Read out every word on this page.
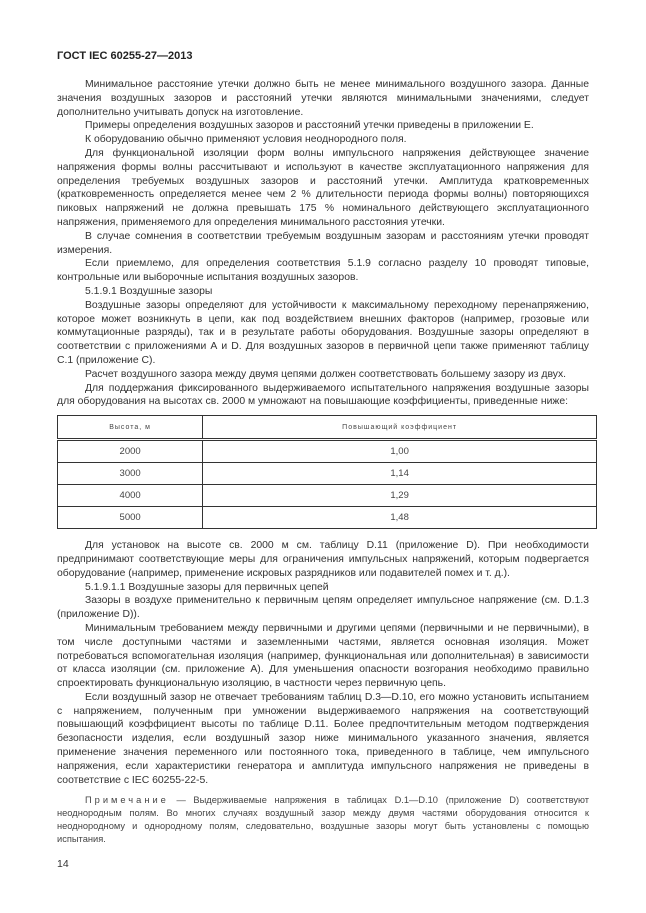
ГОСТ IEC 60255-27—2013

Минимальное расстояние утечки должно быть не менее минимального воздушного зазора. Данные значения воздушных зазоров и расстояний утечки являются минимальными значениями, следует дополнительно учитывать допуск на изготовление.

Примеры определения воздушных зазоров и расстояний утечки приведены в приложении Е.

К оборудованию обычно применяют условия неоднородного поля.

Для функциональной изоляции форм волны импульсного напряжения действующее значение напряжения формы волны рассчитывают и используют в качестве эксплуатационного напряжения для определения требуемых воздушных зазоров и расстояний утечки. Амплитуда кратковременных (кратковременность определяется менее чем 2 % длительности периода формы волны) повторяющихся пиковых напряжений не должна превышать 175 % номинального действующего эксплуатационного напряжения, применяемого для определения минимального расстояния утечки.

В случае сомнения в соответствии требуемым воздушным зазорам и расстояниям утечки проводят измерения.

Если приемлемо, для определения соответствия 5.1.9 согласно разделу 10 проводят типовые, контрольные или выборочные испытания воздушных зазоров.

5.1.9.1 Воздушные зазоры

Воздушные зазоры определяют для устойчивости к максимальному переходному перенапряжению, которое может возникнуть в цепи, как под воздействием внешних факторов (например, грозовые или коммутационные разряды), так и в результате работы оборудования. Воздушные зазоры определяют в соответствии с приложениями А и D. Для воздушных зазоров в первичной цепи также применяют таблицу С.1 (приложение С).

Расчет воздушного зазора между двумя цепями должен соответствовать большему зазору из двух.

Для поддержания фиксированного выдерживаемого испытательного напряжения воздушные зазоры для оборудования на высотах св. 2000 м умножают на повышающие коэффициенты, приведенные ниже:

Высота, м	Повышающий коэффициент
2000	1,00
3000	1,14
4000	1,29
5000	1,48

Для установок на высоте св. 2000 м см. таблицу D.11 (приложение D). При необходимости предпринимают соответствующие меры для ограничения импульсных напряжений, которым подвергается оборудование (например, применение искровых разрядников или подавителей помех и т. д.).

5.1.9.1.1 Воздушные зазоры для первичных цепей

Зазоры в воздухе применительно к первичным цепям определяет импульсное напряжение (см. D.1.3 (приложение D)).

Минимальным требованием между первичными и другими цепями (первичными и не первичными), в том числе доступными частями и заземленными частями, является основная изоляция. Может потребоваться вспомогательная изоляция (например, функциональная или дополнительная) в зависимости от класса изоляции (см. приложение А). Для уменьшения опасности возгорания необходимо правильно спроектировать функциональную изоляцию, в частности через первичную цепь.

Если воздушный зазор не отвечает требованиям таблиц D.3—D.10, его можно установить испытанием с напряжением, полученным при умножении выдерживаемого напряжения на соответствующий повышающий коэффициент высоты по таблице D.11. Более предпочтительным методом подтверждения безопасности изделия, если воздушный зазор ниже минимального указанного значения, является применение значения переменного или постоянного тока, приведенного в таблице, чем импульсного напряжения, если характеристики генератора и амплитуда импульсного напряжения не приведены в соответствие с IEC 60255-22-5.

Примечание — Выдерживаемые напряжения в таблицах D.1—D.10 (приложение D) соответствуют неоднородным полям. Во многих случаях воздушный зазор между двумя частями оборудования относится к неоднородному и однородному полям, следовательно, воздушные зазоры могут быть установлены с помощью испытания.

14
